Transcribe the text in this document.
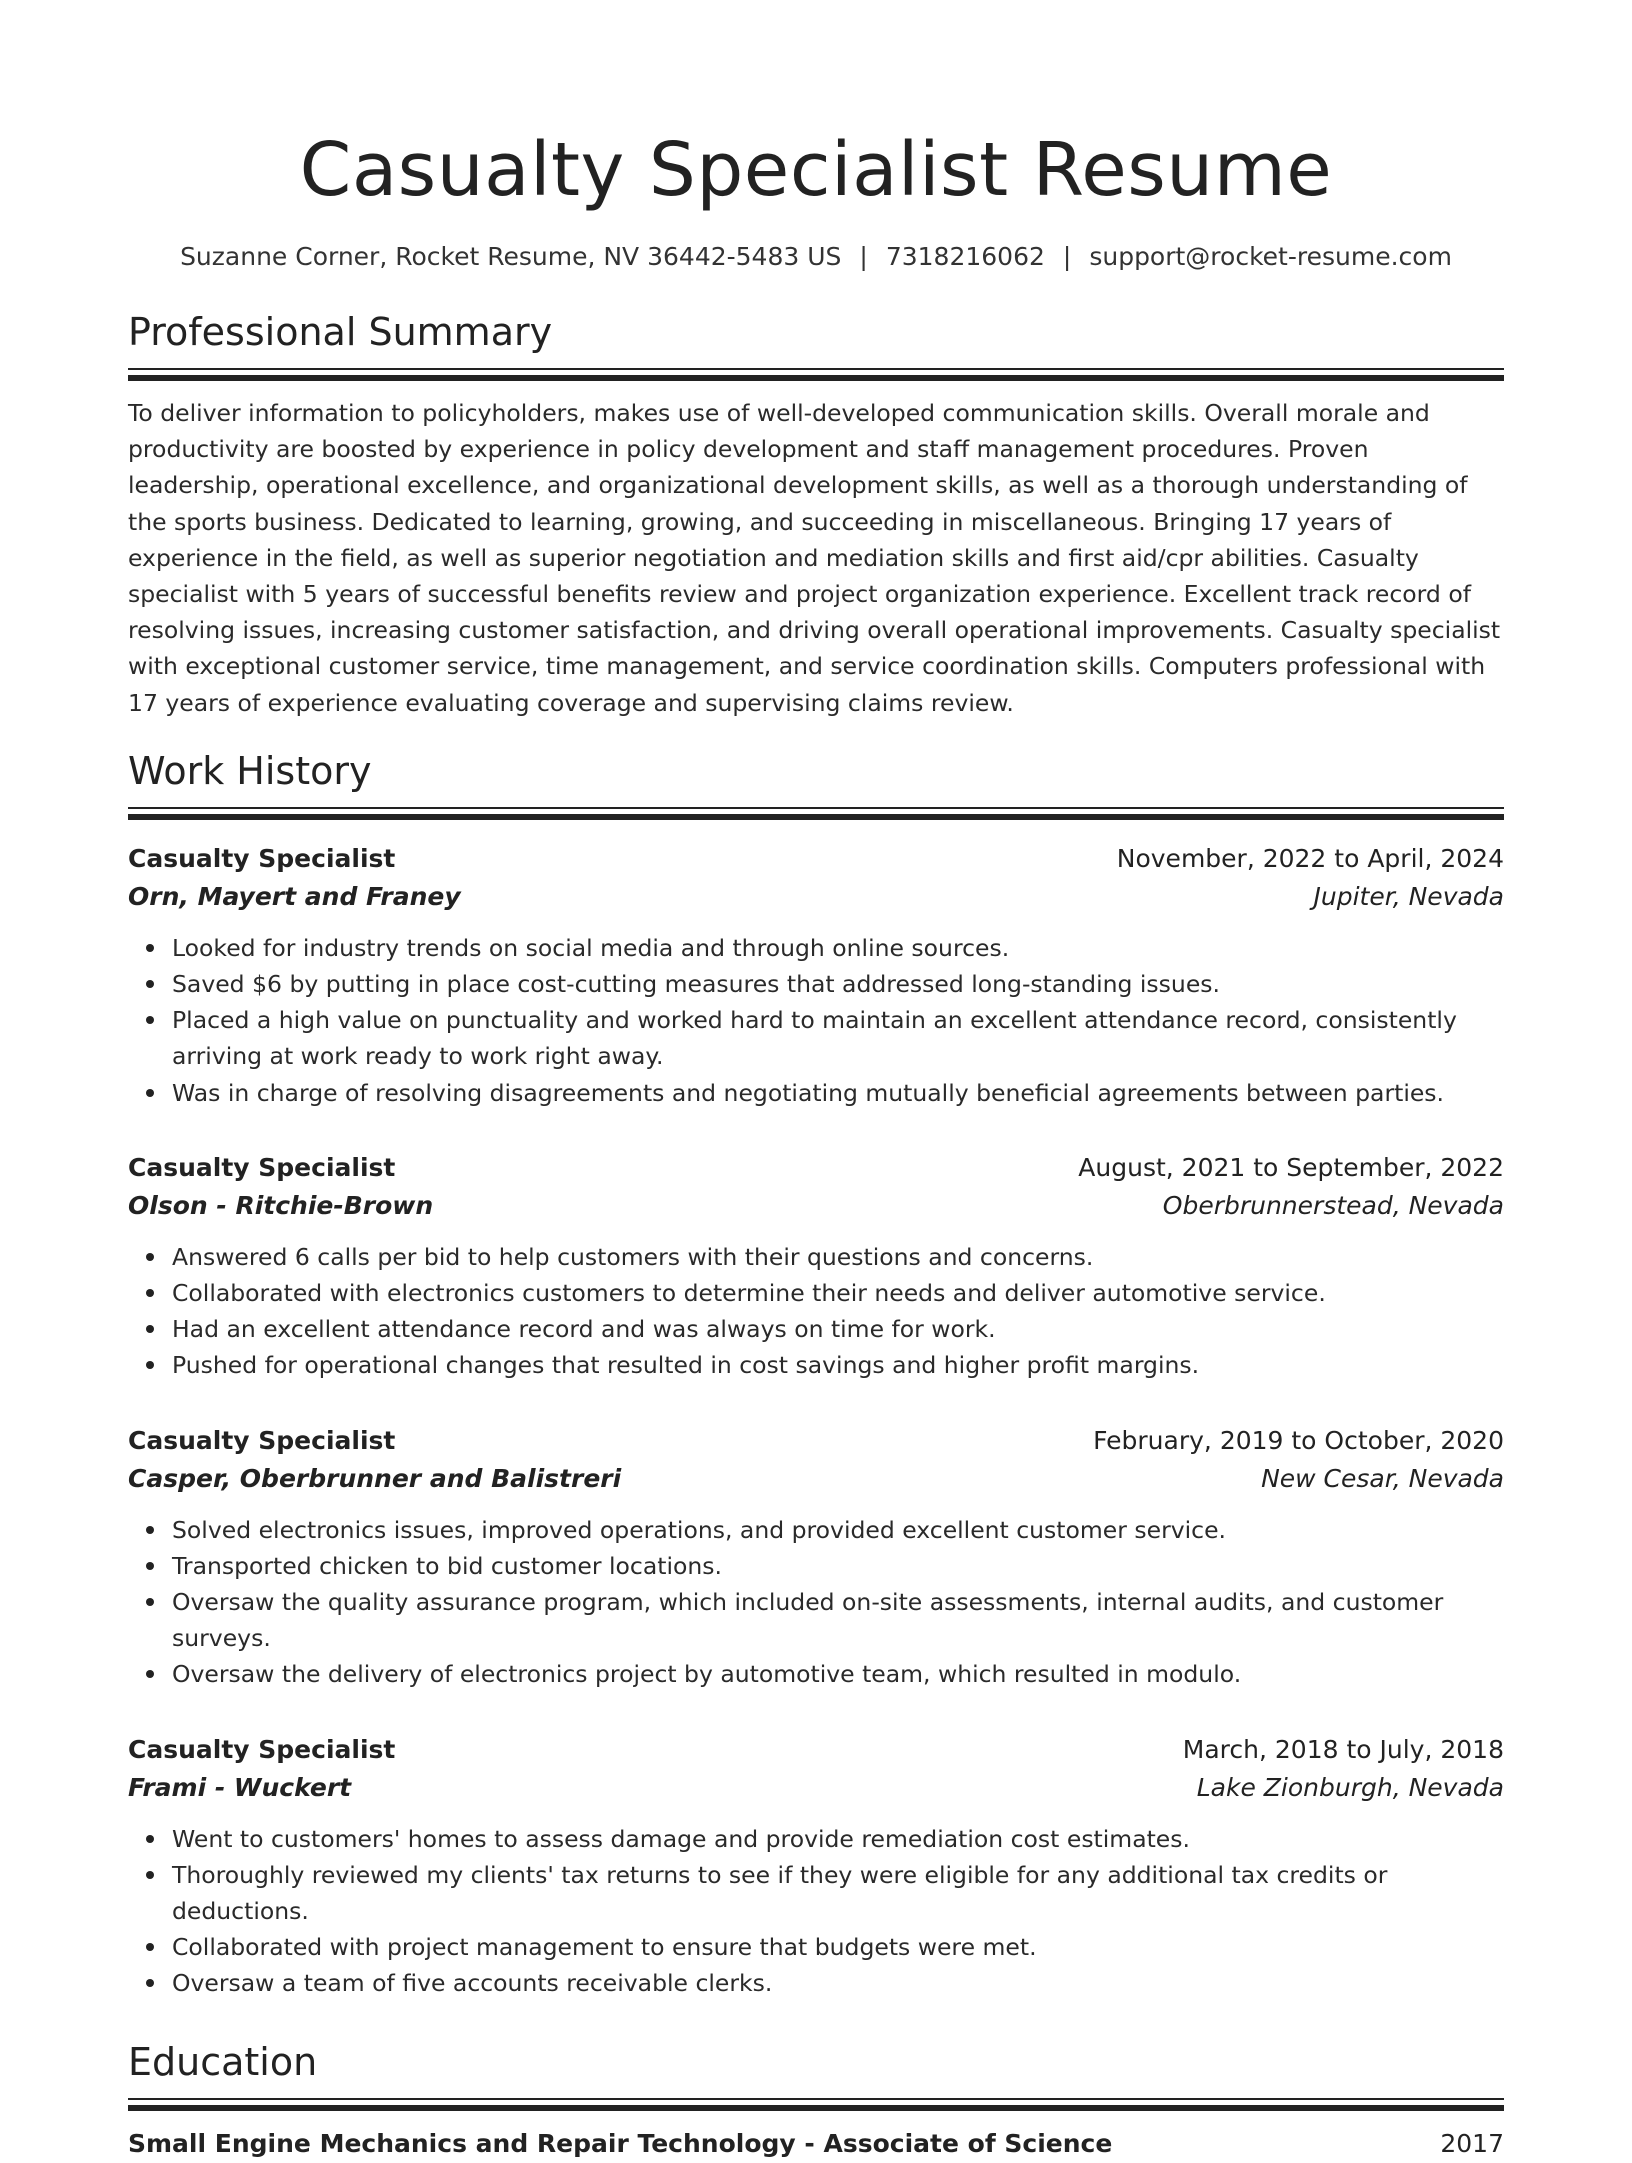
Casualty Specialist Resume
Suzanne Corner, Rocket Resume, NV 36442-5483 US | 7318216062 | support@rocket-resume.com
Professional Summary

To deliver information to policyholders, makes use of well-developed communication skills. Overall morale and productivity are boosted by experience in policy development and staff management procedures. Proven leadership, operational excellence, and organizational development skills, as well as a thorough understanding of the sports business. Dedicated to learning, growing, and succeeding in miscellaneous. Bringing 17 years of experience in the field, as well as superior negotiation and mediation skills and first aid/cpr abilities. Casualty specialist with 5 years of successful benefits review and project organization experience. Excellent track record of resolving issues, increasing customer satisfaction, and driving overall operational improvements. Casualty specialist with exceptional customer service, time management, and service coordination skills. Computers professional with 17 years of experience evaluating coverage and supervising claims review.

Work History
Casualty Specialist	November, 2022 to April, 2024
Orn, Mayert and Franey	Jupiter, Nevada
Looked for industry trends on social media and through online sources.
Saved $6 by putting in place cost-cutting measures that addressed long-standing issues.
Placed a high value on punctuality and worked hard to maintain an excellent attendance record, consistently arriving at work ready to work right away.
Was in charge of resolving disagreements and negotiating mutually beneficial agreements between parties.
Casualty Specialist	August, 2021 to September, 2022
Olson - Ritchie-Brown	Oberbrunnerstead, Nevada
Answered 6 calls per bid to help customers with their questions and concerns.
Collaborated with electronics customers to determine their needs and deliver automotive service.
Had an excellent attendance record and was always on time for work.
Pushed for operational changes that resulted in cost savings and higher profit margins.
Casualty Specialist	February, 2019 to October, 2020
Casper, Oberbrunner and Balistreri	New Cesar, Nevada
Solved electronics issues, improved operations, and provided excellent customer service.
Transported chicken to bid customer locations.
Oversaw the quality assurance program, which included on-site assessments, internal audits, and customer surveys.
Oversaw the delivery of electronics project by automotive team, which resulted in modulo.
Casualty Specialist	March, 2018 to July, 2018
Frami - Wuckert	Lake Zionburgh, Nevada
Went to customers' homes to assess damage and provide remediation cost estimates.
Thoroughly reviewed my clients' tax returns to see if they were eligible for any additional tax credits or deductions.
Collaborated with project management to ensure that budgets were met.
Oversaw a team of five accounts receivable clerks.
Education
Small Engine Mechanics and Repair Technology - Associate of Science	2017
